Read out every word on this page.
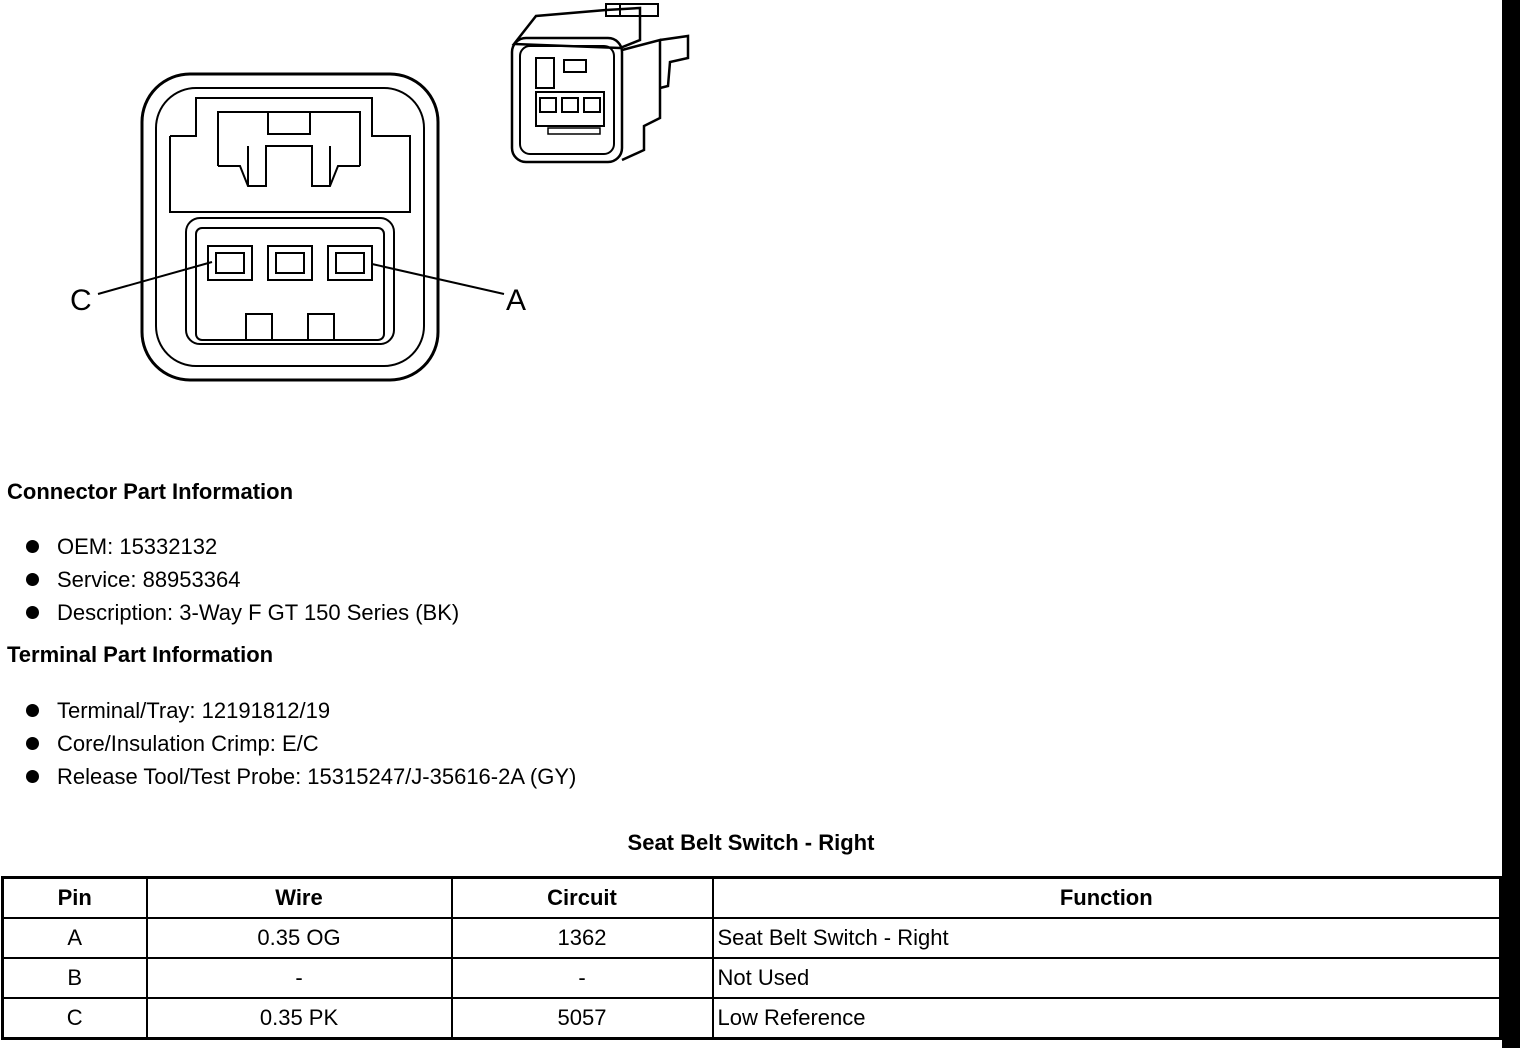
C	A
Connector Part Information
OEM: 15332132
Service: 88953364
Description: 3-Way F GT 150 Series (BK)
Terminal Part Information
Terminal/Tray: 12191812/19
Core/Insulation Crimp: E/C
Release Tool/Test Probe: 15315247/J-35616-2A (GY)
Seat Belt Switch - Right
Pin	Wire	Circuit	Function
A	0.35 OG	1362	Seat Belt Switch - Right
B	-	-	Not Used
C	0.35 PK	5057	Low Reference
